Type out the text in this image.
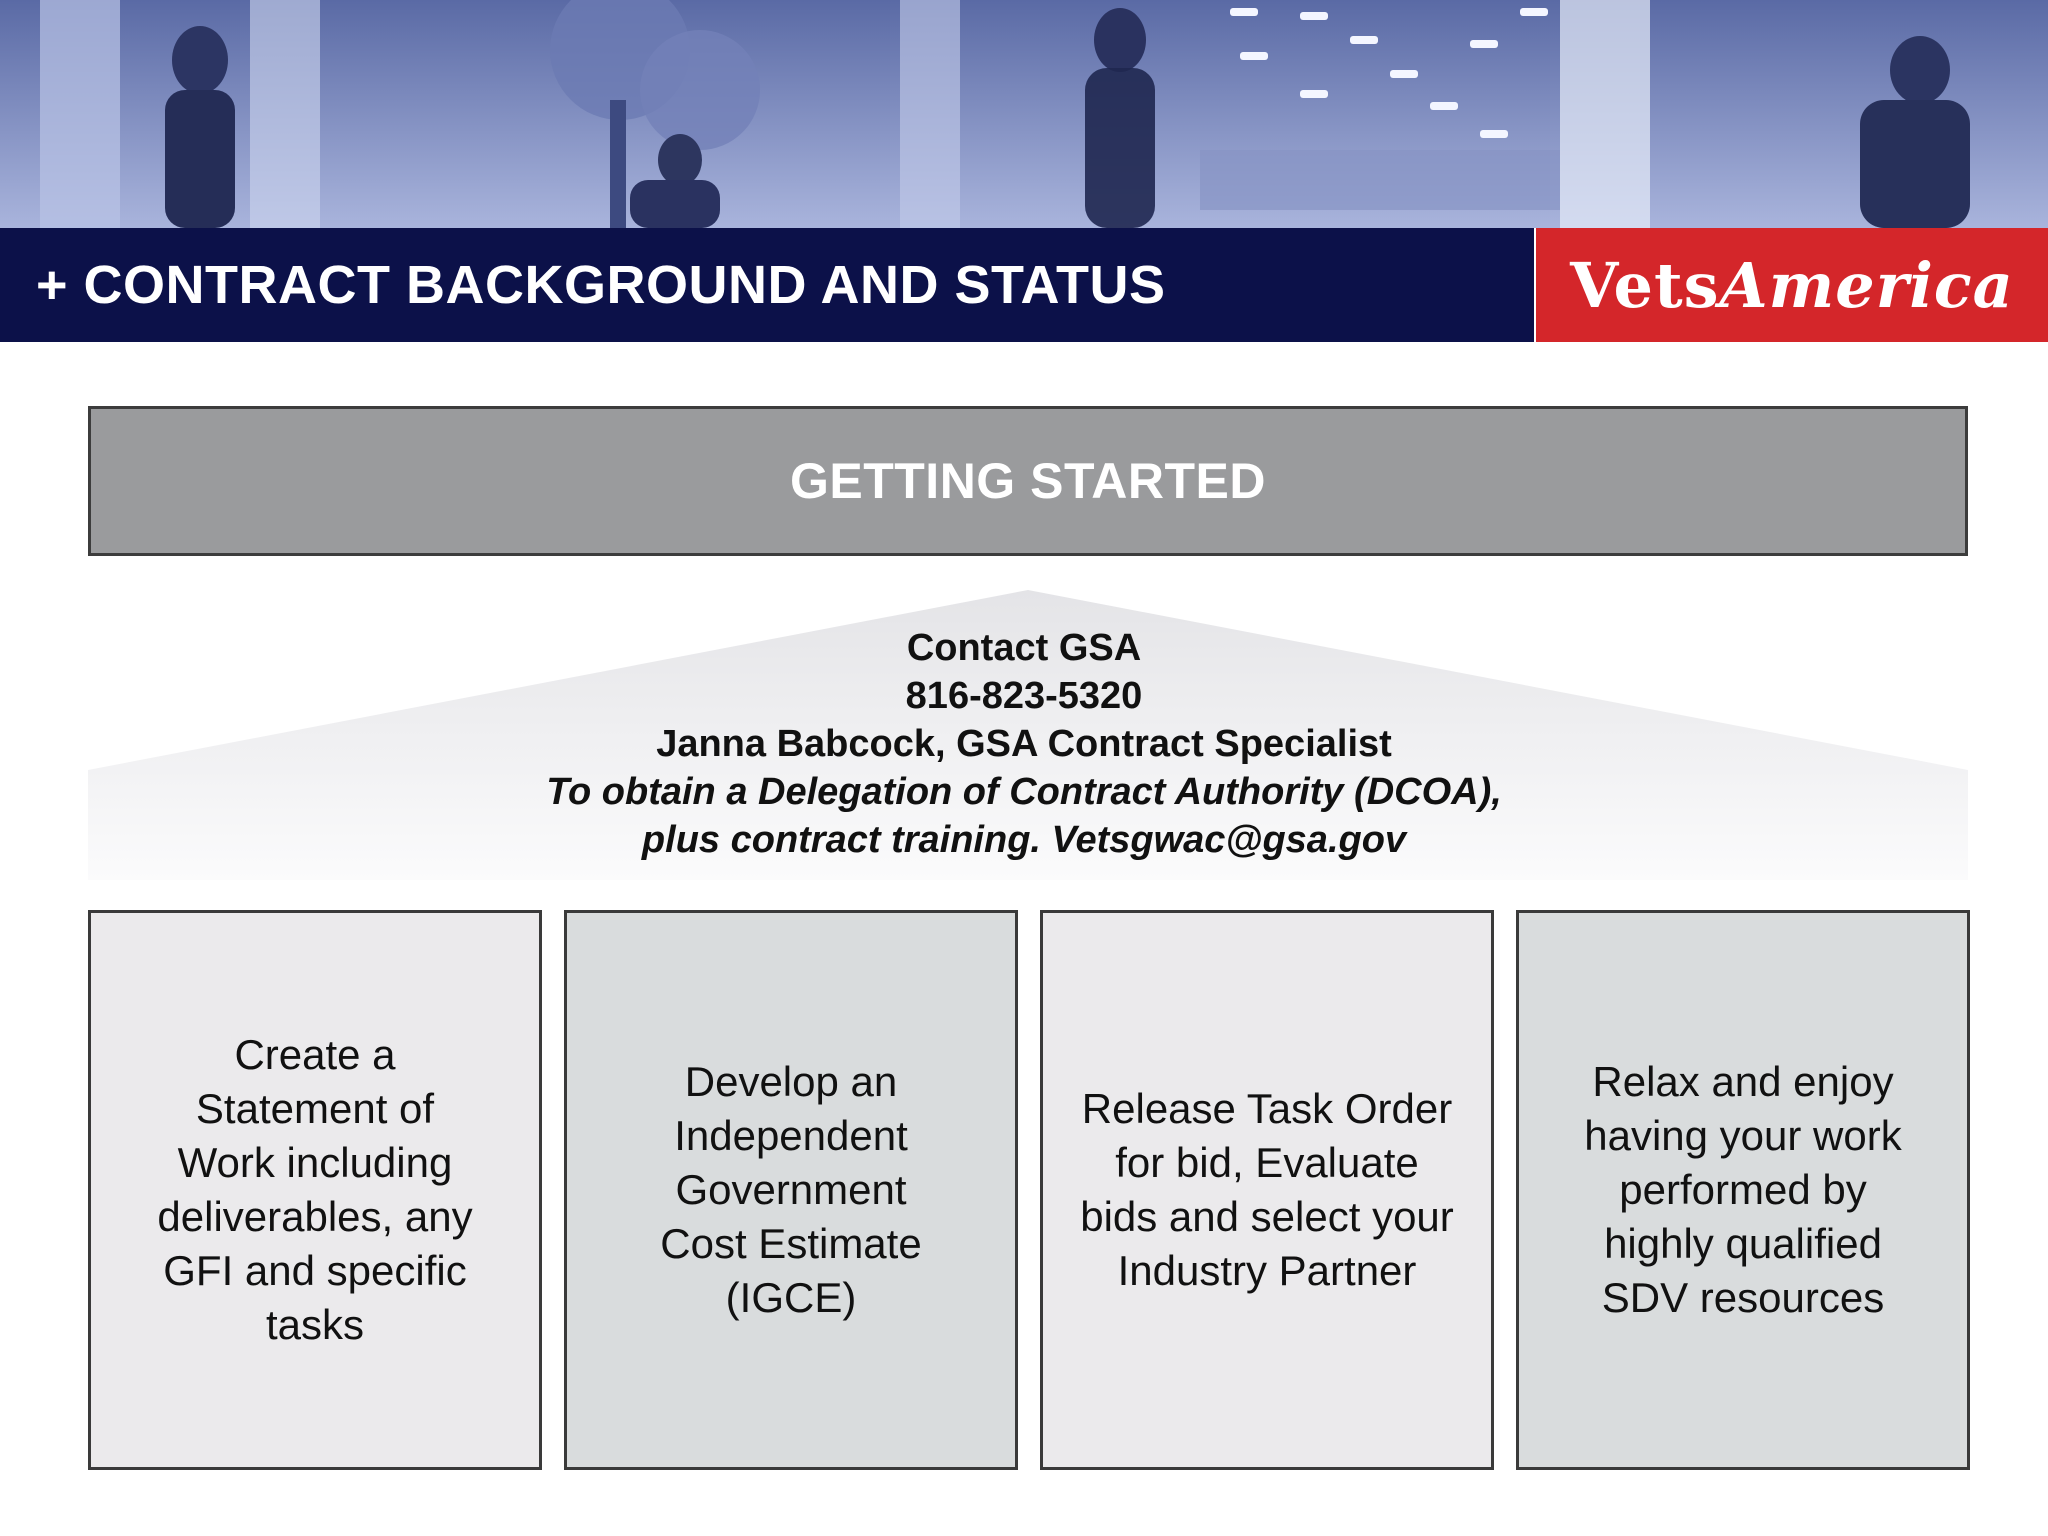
+ CONTRACT BACKGROUND AND STATUS	VetsAmerica
GETTING STARTED
Contact GSA
816-823-5320
Janna Babcock, GSA Contract Specialist
To obtain a Delegation of Contract Authority (DCOA),
plus contract training. Vetsgwac@gsa.gov
Create a Statement of Work including deliverables, any GFI and specific tasks
Develop an Independent Government Cost Estimate (IGCE)
Release Task Order for bid, Evaluate bids and select your Industry Partner
Relax and enjoy having your work performed by highly qualified SDV resources
